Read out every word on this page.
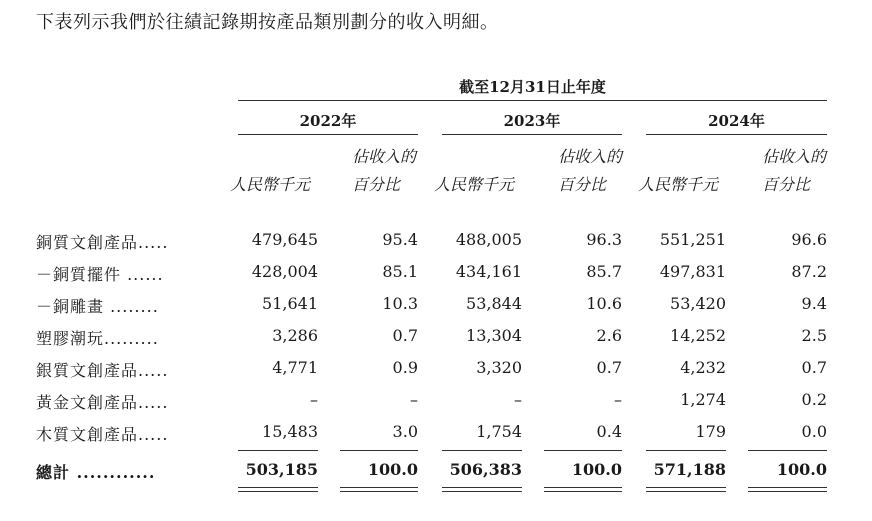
下表列示我們於往績記錄期按產品類別劃分的收入明細。
截至12月31日止年度
2022年	2023年	2024年
佔收入的	佔收入的	佔收入的
人民幣千元	百分比 人民幣千元	百分比 人民幣千元	百分比
銅質文創產品.....	479,645	95.4 488,005	96.3 551,251	96.6
－銅質擺件 ......	428,004	85.1 434,161	85.7 497,831	87.2
－銅雕畫 ........	51,641	10.3	53,844	10.6	53,420	9.4
塑膠潮玩.........	3,286	0.7	13,304	2.6	14,252	2.5
銀質文創產品.....	4,771	0.9	3,320	0.7	4,232	0.7
黃金文創產品.....	–	–	–	–	1,274	0.2
木質文創產品.....	15,483	3.0	1,754	0.4	179	0.0
總計 ............	503,185	100.0 506,383	100.0 571,188	100.0
